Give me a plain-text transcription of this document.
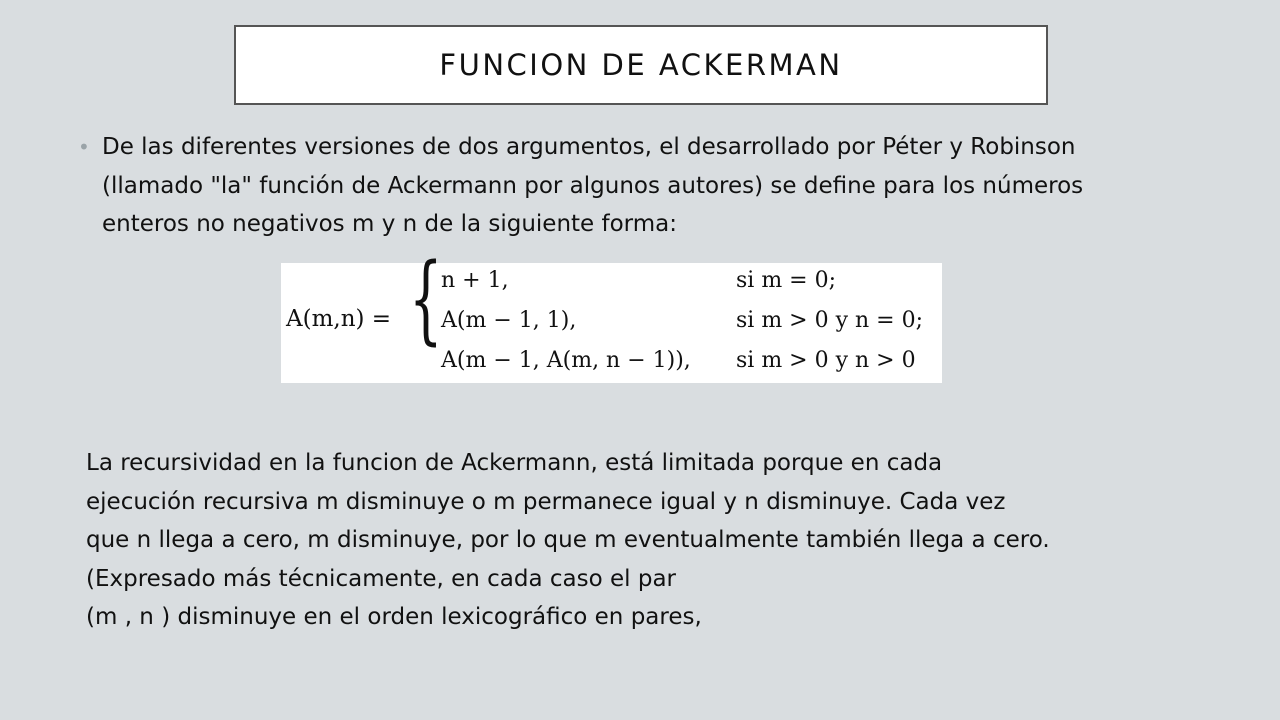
FUNCION DE ACKERMAN
• De las diferentes versiones de dos argumentos, el desarrollado por Péter y Robinson (llamado "la" función de Ackermann por algunos autores) se define para los números enteros no negativos m y n de la siguiente forma:
A(m,n) = {
n + 1,	si m = 0;
A(m − 1, 1),	si m > 0 y n = 0;
A(m − 1, A(m, n − 1)), si m > 0 y n > 0
La recursividad en la funcion de Ackermann, está limitada porque en cada
ejecución recursiva m disminuye o m permanece igual y n disminuye. Cada vez
que n llega a cero, m disminuye, por lo que m eventualmente también llega a cero.
(Expresado más técnicamente, en cada caso el par
(m , n ) disminuye en el orden lexicográfico en pares,
